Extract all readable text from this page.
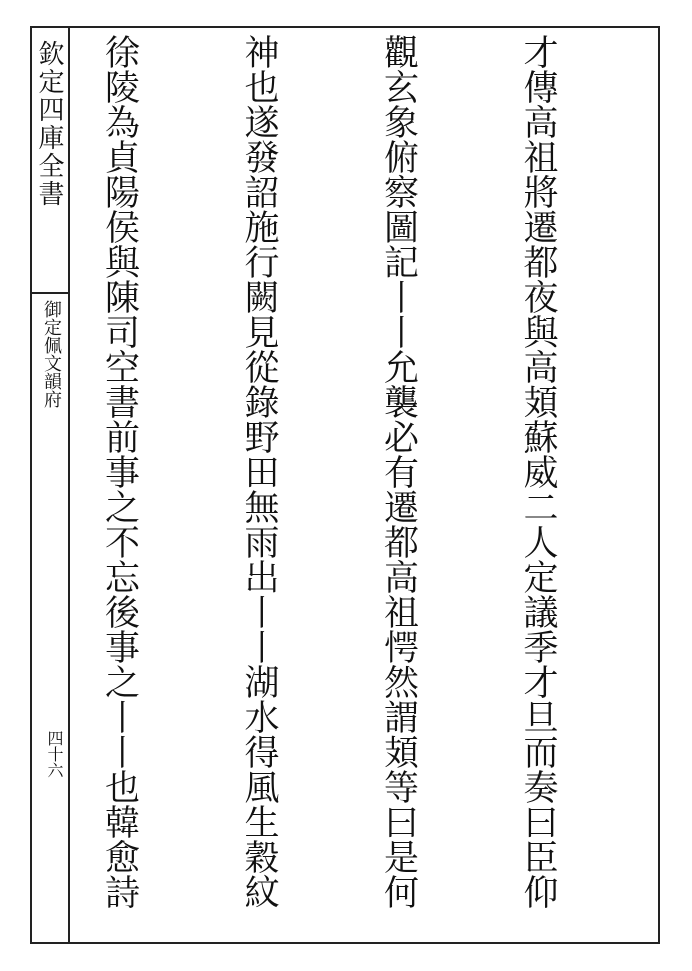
欽定四庫全書
御定佩文韻府
四十六

	才傳高祖將遷都夜與高頍蘇威二人定議季才旦而奏曰臣仰

觀玄象俯察圖記丨丨允襲必有遷都高祖愕然謂頍等曰是何

神也遂發詔施行闕見從錄野田無雨出丨丨湖水得風生穀紋

徐陵為貞陽侯與陳司空書前事之不忘後事之丨丨也韓愈詩
